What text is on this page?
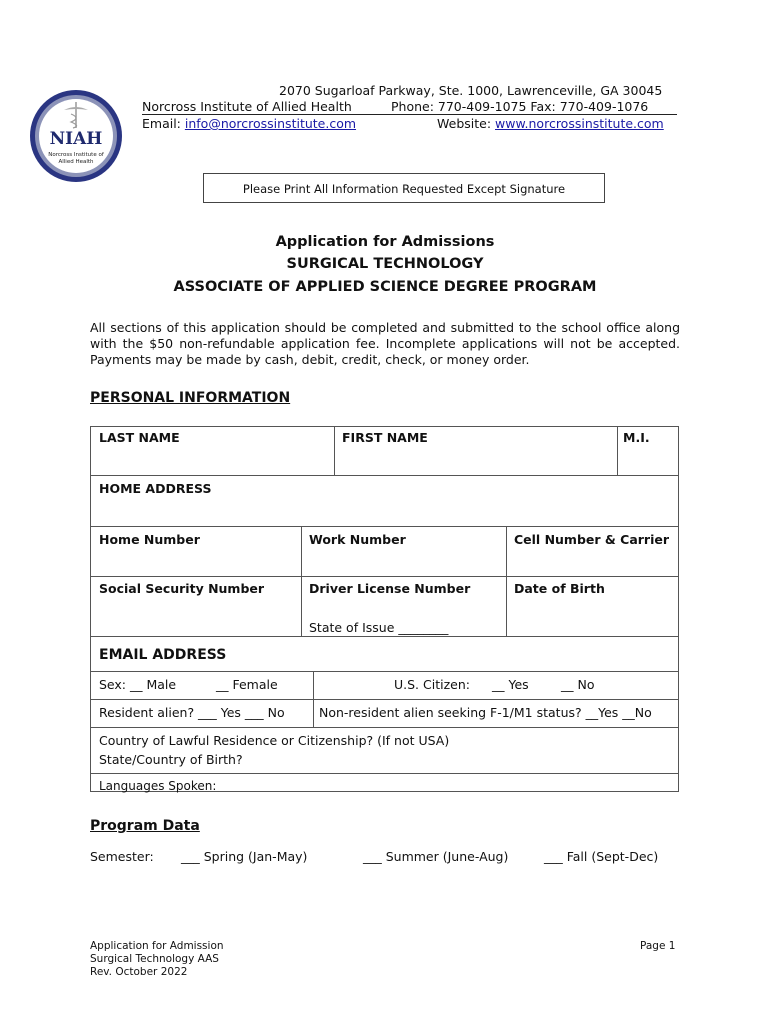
NIAH
Norcross Institute of
Allied Health
2070 Sugarloaf Parkway, Ste. 1000, Lawrenceville, GA 30045
Norcross Institute of Allied Health	Phone: 770-409-1075 Fax: 770-409-1076
Email: info@norcrossinstitute.com	Website: www.norcrossinstitute.com
Please Print All Information Requested Except Signature
Application for Admissions
SURGICAL TECHNOLOGY
ASSOCIATE OF APPLIED SCIENCE DEGREE PROGRAM
All sections of this application should be completed and submitted to the school office along with the $50 non-refundable application fee. Incomplete applications will not be accepted. Payments may be made by cash, debit, credit, check, or money order.
PERSONAL INFORMATION
LAST NAME	FIRST NAME	M.I.
HOME ADDRESS
Home Number	Work Number	Cell Number & Carrier
Social Security Number	Driver License Number	Date of Birth
State of Issue ________
EMAIL ADDRESS
Sex: __ Male	__ Female	U.S. Citizen: __ Yes	__ No
Resident alien? ___ Yes ___ No	Non-resident alien seeking F-1/M1 status? __Yes __No
Country of Lawful Residence or Citizenship? (If not USA)
State/Country of Birth?
Languages Spoken:
Program Data
Semester: ___ Spring (Jan-May)	___ Summer (June-Aug)	___ Fall (Sept-Dec)
Application for Admission
Surgical Technology AAS
Rev. October 2022
Page 1
